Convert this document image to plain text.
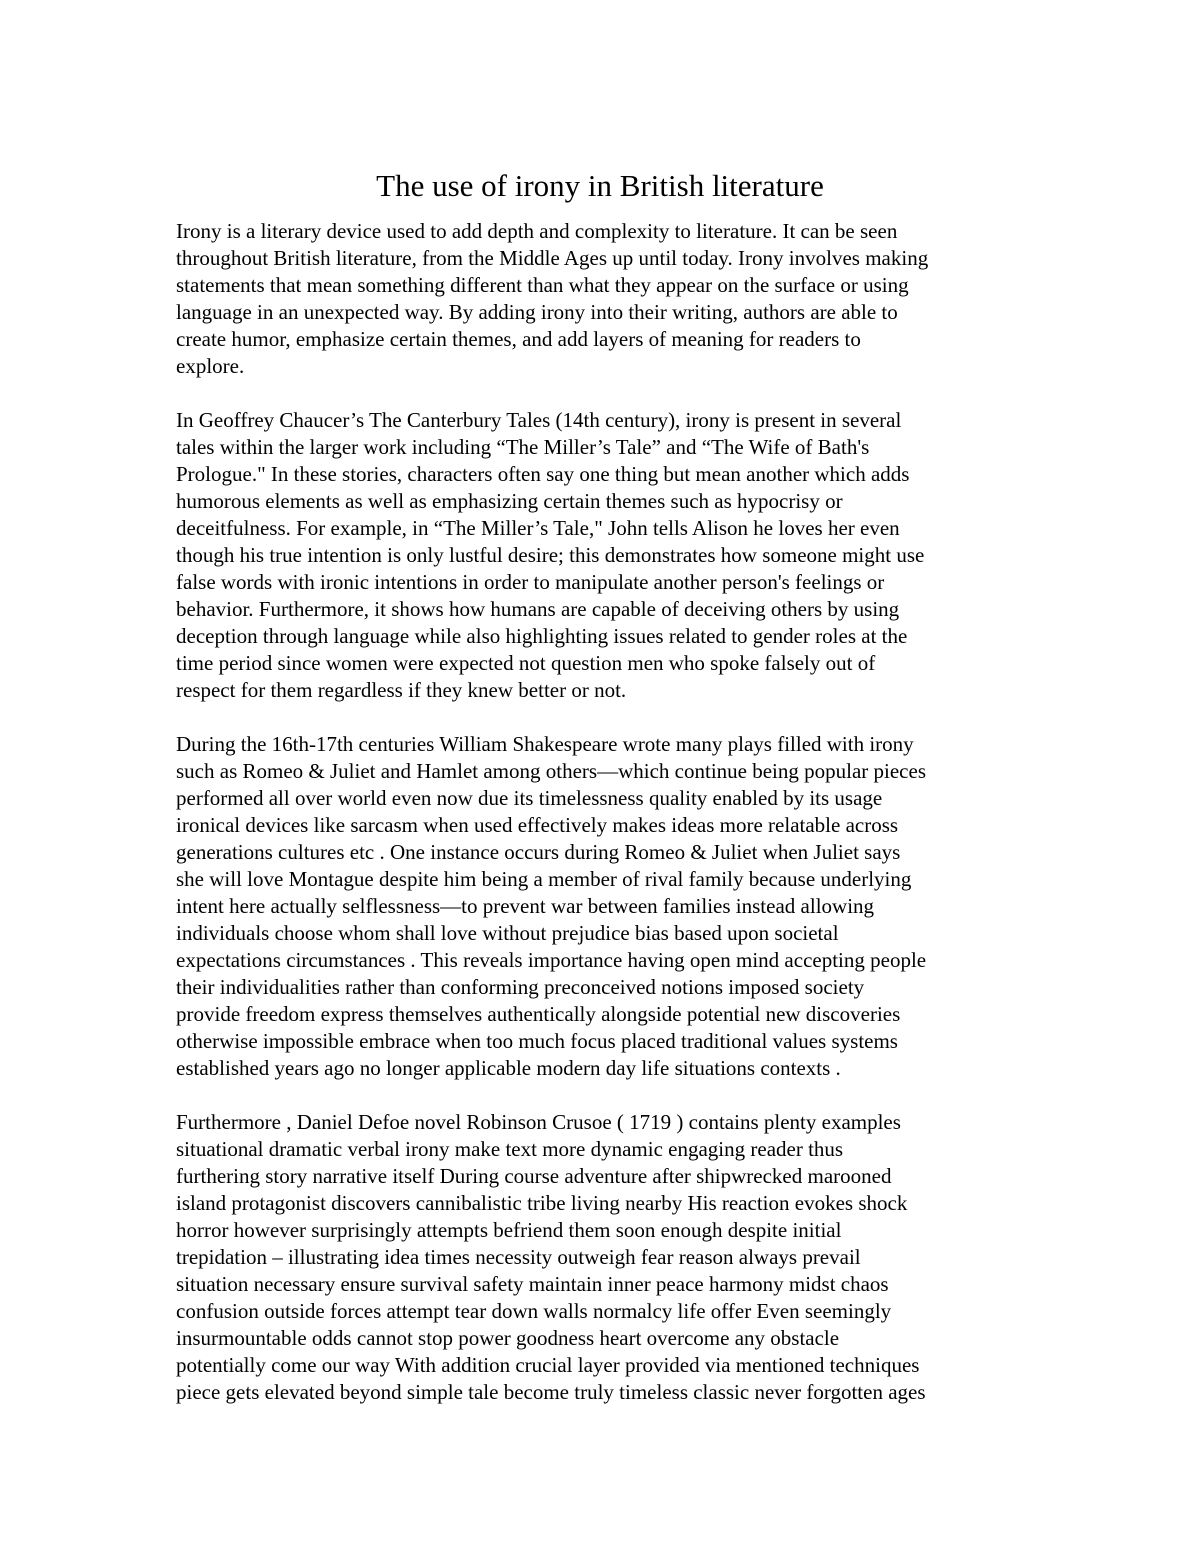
The use of irony in British literature
Irony is a literary device used to add depth and complexity to literature. It can be seen
throughout British literature, from the Middle Ages up until today. Irony involves making
statements that mean something different than what they appear on the surface or using
language in an unexpected way. By adding irony into their writing, authors are able to
create humor, emphasize certain themes, and add layers of meaning for readers to
explore.
In Geoffrey Chaucer’s The Canterbury Tales (14th century), irony is present in several
tales within the larger work including “The Miller’s Tale” and “The Wife of Bath's
Prologue." In these stories, characters often say one thing but mean another which adds
humorous elements as well as emphasizing certain themes such as hypocrisy or
deceitfulness. For example, in “The Miller’s Tale," John tells Alison he loves her even
though his true intention is only lustful desire; this demonstrates how someone might use
false words with ironic intentions in order to manipulate another person's feelings or
behavior. Furthermore, it shows how humans are capable of deceiving others by using
deception through language while also highlighting issues related to gender roles at the
time period since women were expected not question men who spoke falsely out of
respect for them regardless if they knew better or not.
During the 16th-17th centuries William Shakespeare wrote many plays filled with irony
such as Romeo & Juliet and Hamlet among others—which continue being popular pieces
performed all over world even now due its timelessness quality enabled by its usage
ironical devices like sarcasm when used effectively makes ideas more relatable across
generations cultures etc . One instance occurs during Romeo & Juliet when Juliet says
she will love Montague despite him being a member of rival family because underlying
intent here actually selflessness—to prevent war between families instead allowing
individuals choose whom shall love without prejudice bias based upon societal
expectations circumstances . This reveals importance having open mind accepting people
their individualities rather than conforming preconceived notions imposed society
provide freedom express themselves authentically alongside potential new discoveries
otherwise impossible embrace when too much focus placed traditional values systems
established years ago no longer applicable modern day life situations contexts .
Furthermore , Daniel Defoe novel Robinson Crusoe ( 1719 ) contains plenty examples
situational dramatic verbal irony make text more dynamic engaging reader thus
furthering story narrative itself During course adventure after shipwrecked marooned
island protagonist discovers cannibalistic tribe living nearby His reaction evokes shock
horror however surprisingly attempts befriend them soon enough despite initial
trepidation – illustrating idea times necessity outweigh fear reason always prevail
situation necessary ensure survival safety maintain inner peace harmony midst chaos
confusion outside forces attempt tear down walls normalcy life offer Even seemingly
insurmountable odds cannot stop power goodness heart overcome any obstacle
potentially come our way With addition crucial layer provided via mentioned techniques
piece gets elevated beyond simple tale become truly timeless classic never forgotten ages
